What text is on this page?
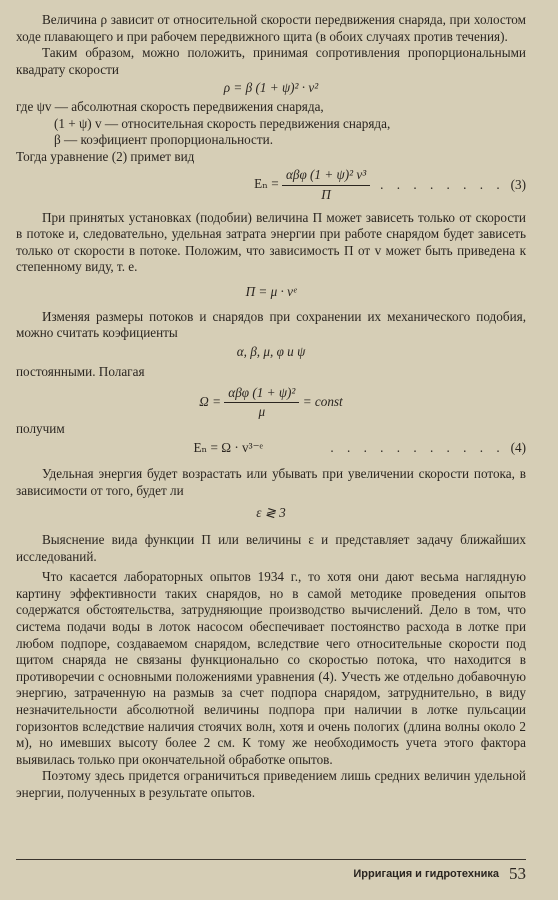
Величина ρ зависит от относительной скорости передвижения снаряда, при холостом ходе плавающего и при рабочем передвижного щита (в обоих случаях против течения).

Таким образом, можно положить, принимая сопротивления пропорциональными квадрату скорости

ρ = β (1 + ψ)² · v²

где ψv — абсолютная скорость передвижения снаряда,

(1 + ψ) v — относительная скорость передвижения снаряда,

β — коэфициент пропорциональности.

Тогда уравнение (2) примет вид

$E_n = \frac{\text{αβφ (1 + ψ)² v³}}{\Pi}$ . . . . . . . . (3)

При принятых установках (подобии) величина Π может зависеть только от скорости в потоке и, следовательно, удельная затрата энергии при работе снарядом будет зависеть только от скорости в потоке. Положим, что зависимость Π от v может быть приведена к степенному виду, т. е.

Π = μ · vᵉ

Изменяя размеры потоков и снарядов при сохранении их механического подобия, можно считать коэфициенты

α, β, μ, φ и ψ

постоянными. Полагая

$\Omega = \frac{\text{αβφ (1 + ψ)²}}{\mu}$ = const

получим

Eₙ = Ω · v³⁻ᵉ	. . . . . . . . . . . (4)

Удельная энергия будет возрастать или убывать при увеличении скорости потока, в зависимости от того, будет ли

ε ≷ 3

Выяснение вида функции Π или величины ε и представляет задачу ближайших исследований.

Что касается лабораторных опытов 1934 г., то хотя они дают весьма наглядную картину эффективности таких снарядов, но в самой методике проведения опытов содержатся обстоятельства, затрудняющие производство вычислений. Дело в том, что система подачи воды в лоток насосом обеспечивает постоянство расхода в лотке при любом подпоре, создаваемом снарядом, вследствие чего относительные скорости под щитом снаряда не связаны функционально со скоростью потока, что находится в противоречии с основными положениями уравнения (4). Учесть же отдельно добавочную энергию, затраченную на размыв за счет подпора снарядом, затруднительно, в виду незначительности абсолютной величины подпора при наличии в лотке пульсации горизонтов вследствие наличия стоячих волн, хотя и очень пологих (длина волны около 2 м), но имевших высоту более 2 см. К тому же необходимость учета этого фактора выявилась только при окончательной обработке опытов.

Поэтому здесь придется ограничиться приведением лишь средних величин удельной энергии, полученных в результате опытов.

Ирригация и гидротехника 53
